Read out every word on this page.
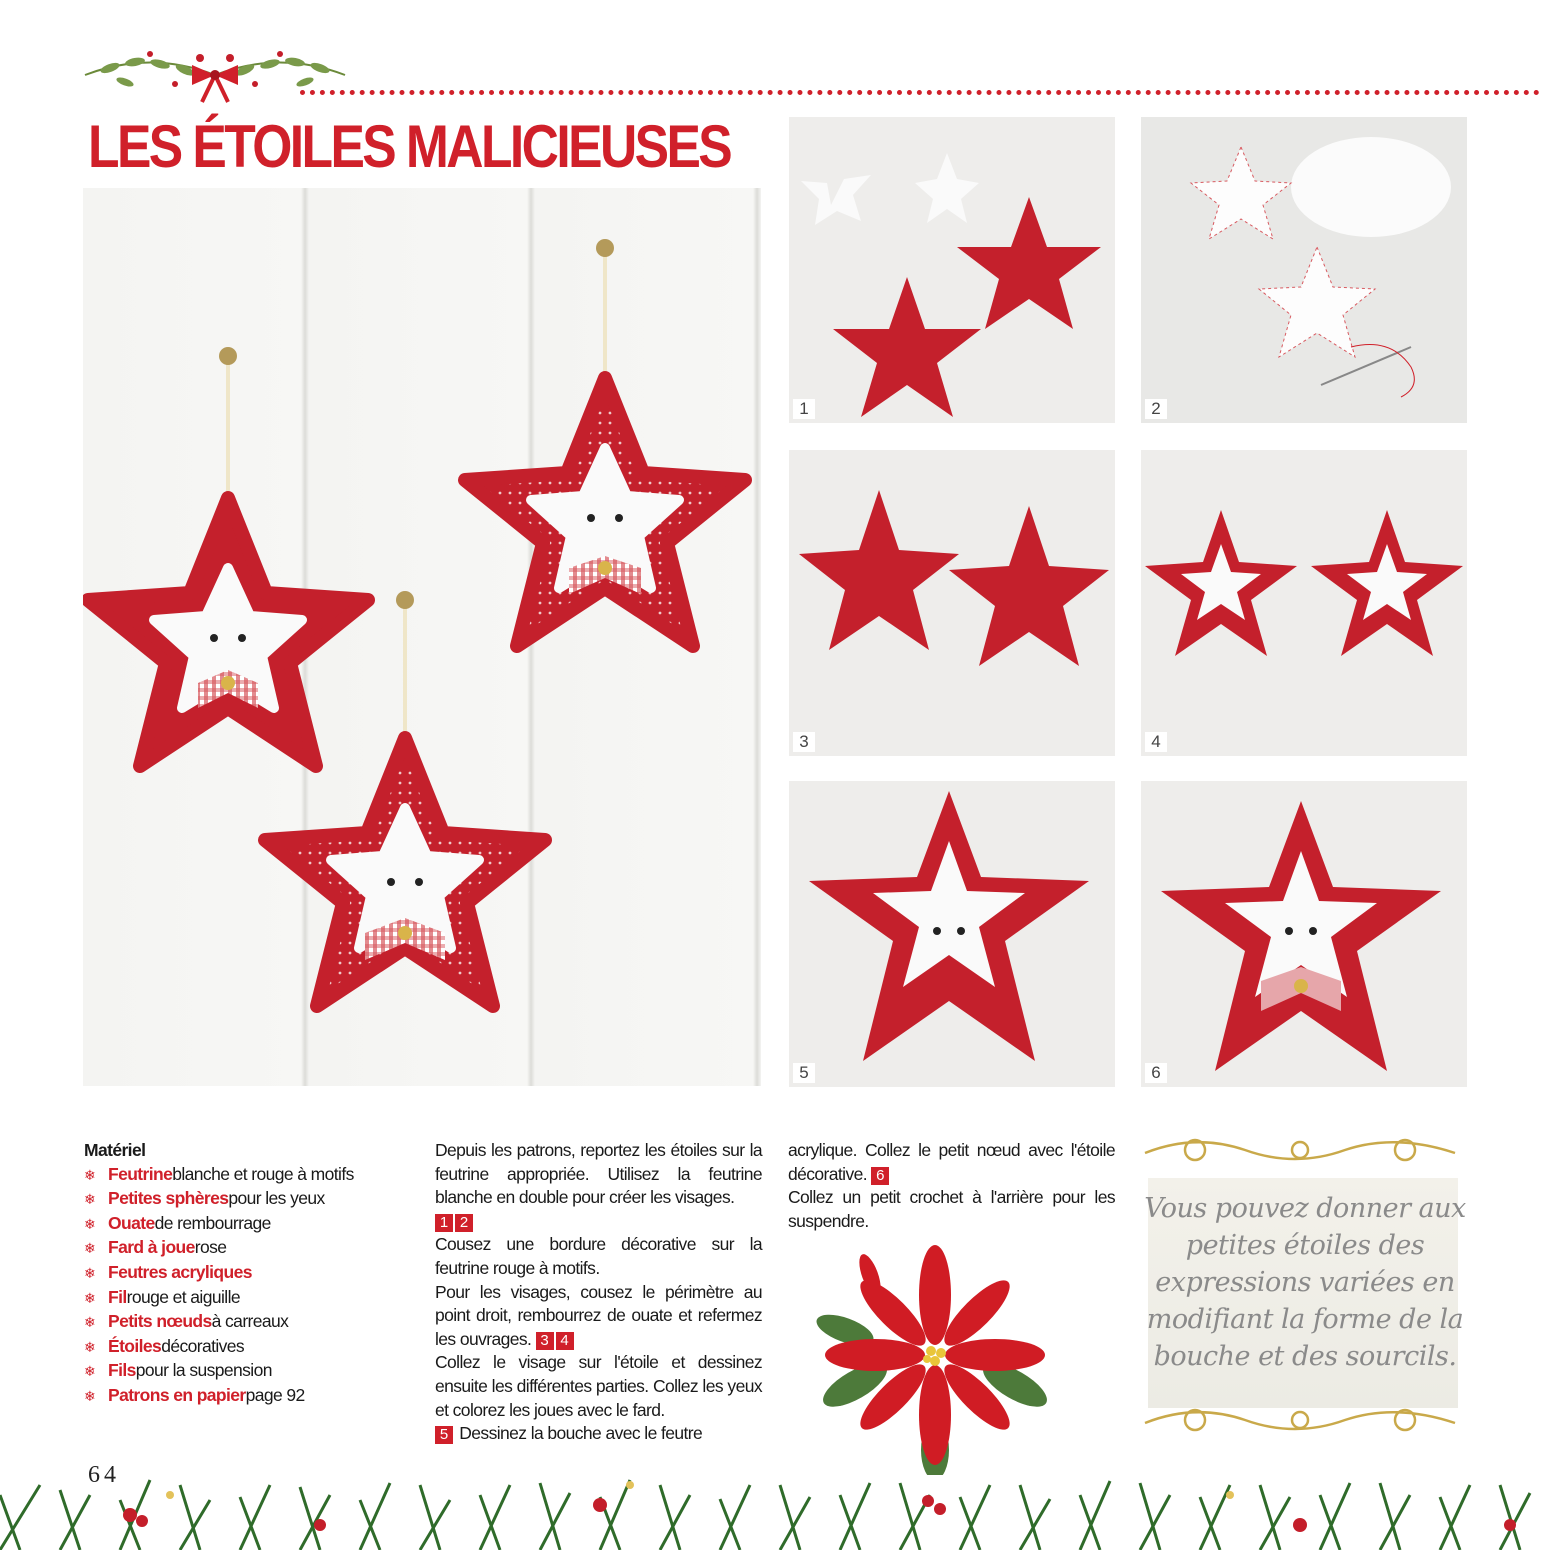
LES ÉTOILES MALICIEUSES
1	2
3	4
5	6
Matériel
❄ Feutrine blanche et rouge à motifs
❄ Petites sphères pour les yeux
❄ Ouate de rembourrage
❄ Fard à joue rose
❄ Feutres acryliques
❄ Fil rouge et aiguille
❄ Petits nœuds à carreaux
❄ Étoiles décoratives
❄ Fils pour la suspension
❄ Patrons en papier page 92
Depuis les patrons, reportez les étoiles sur la feutrine appropriée. Utilisez la feutrine blanche en double pour créer les visages.
1 2
Cousez une bordure décorative sur la feutrine rouge à motifs.
Pour les visages, cousez le périmètre au point droit, rembourrez de ouate et refermez les ouvrages. 3 4
Collez le visage sur l'étoile et dessinez ensuite les différentes parties. Collez les yeux et colorez les joues avec le fard.
5 Dessinez la bouche avec le feutre
acrylique. Collez le petit nœud avec l'étoile décorative. 6
Collez un petit crochet à l'arrière pour les suspendre.	Vous pouvez donner aux petites étoiles des expressions variées en modifiant la forme de la bouche et des sourcils.
64
